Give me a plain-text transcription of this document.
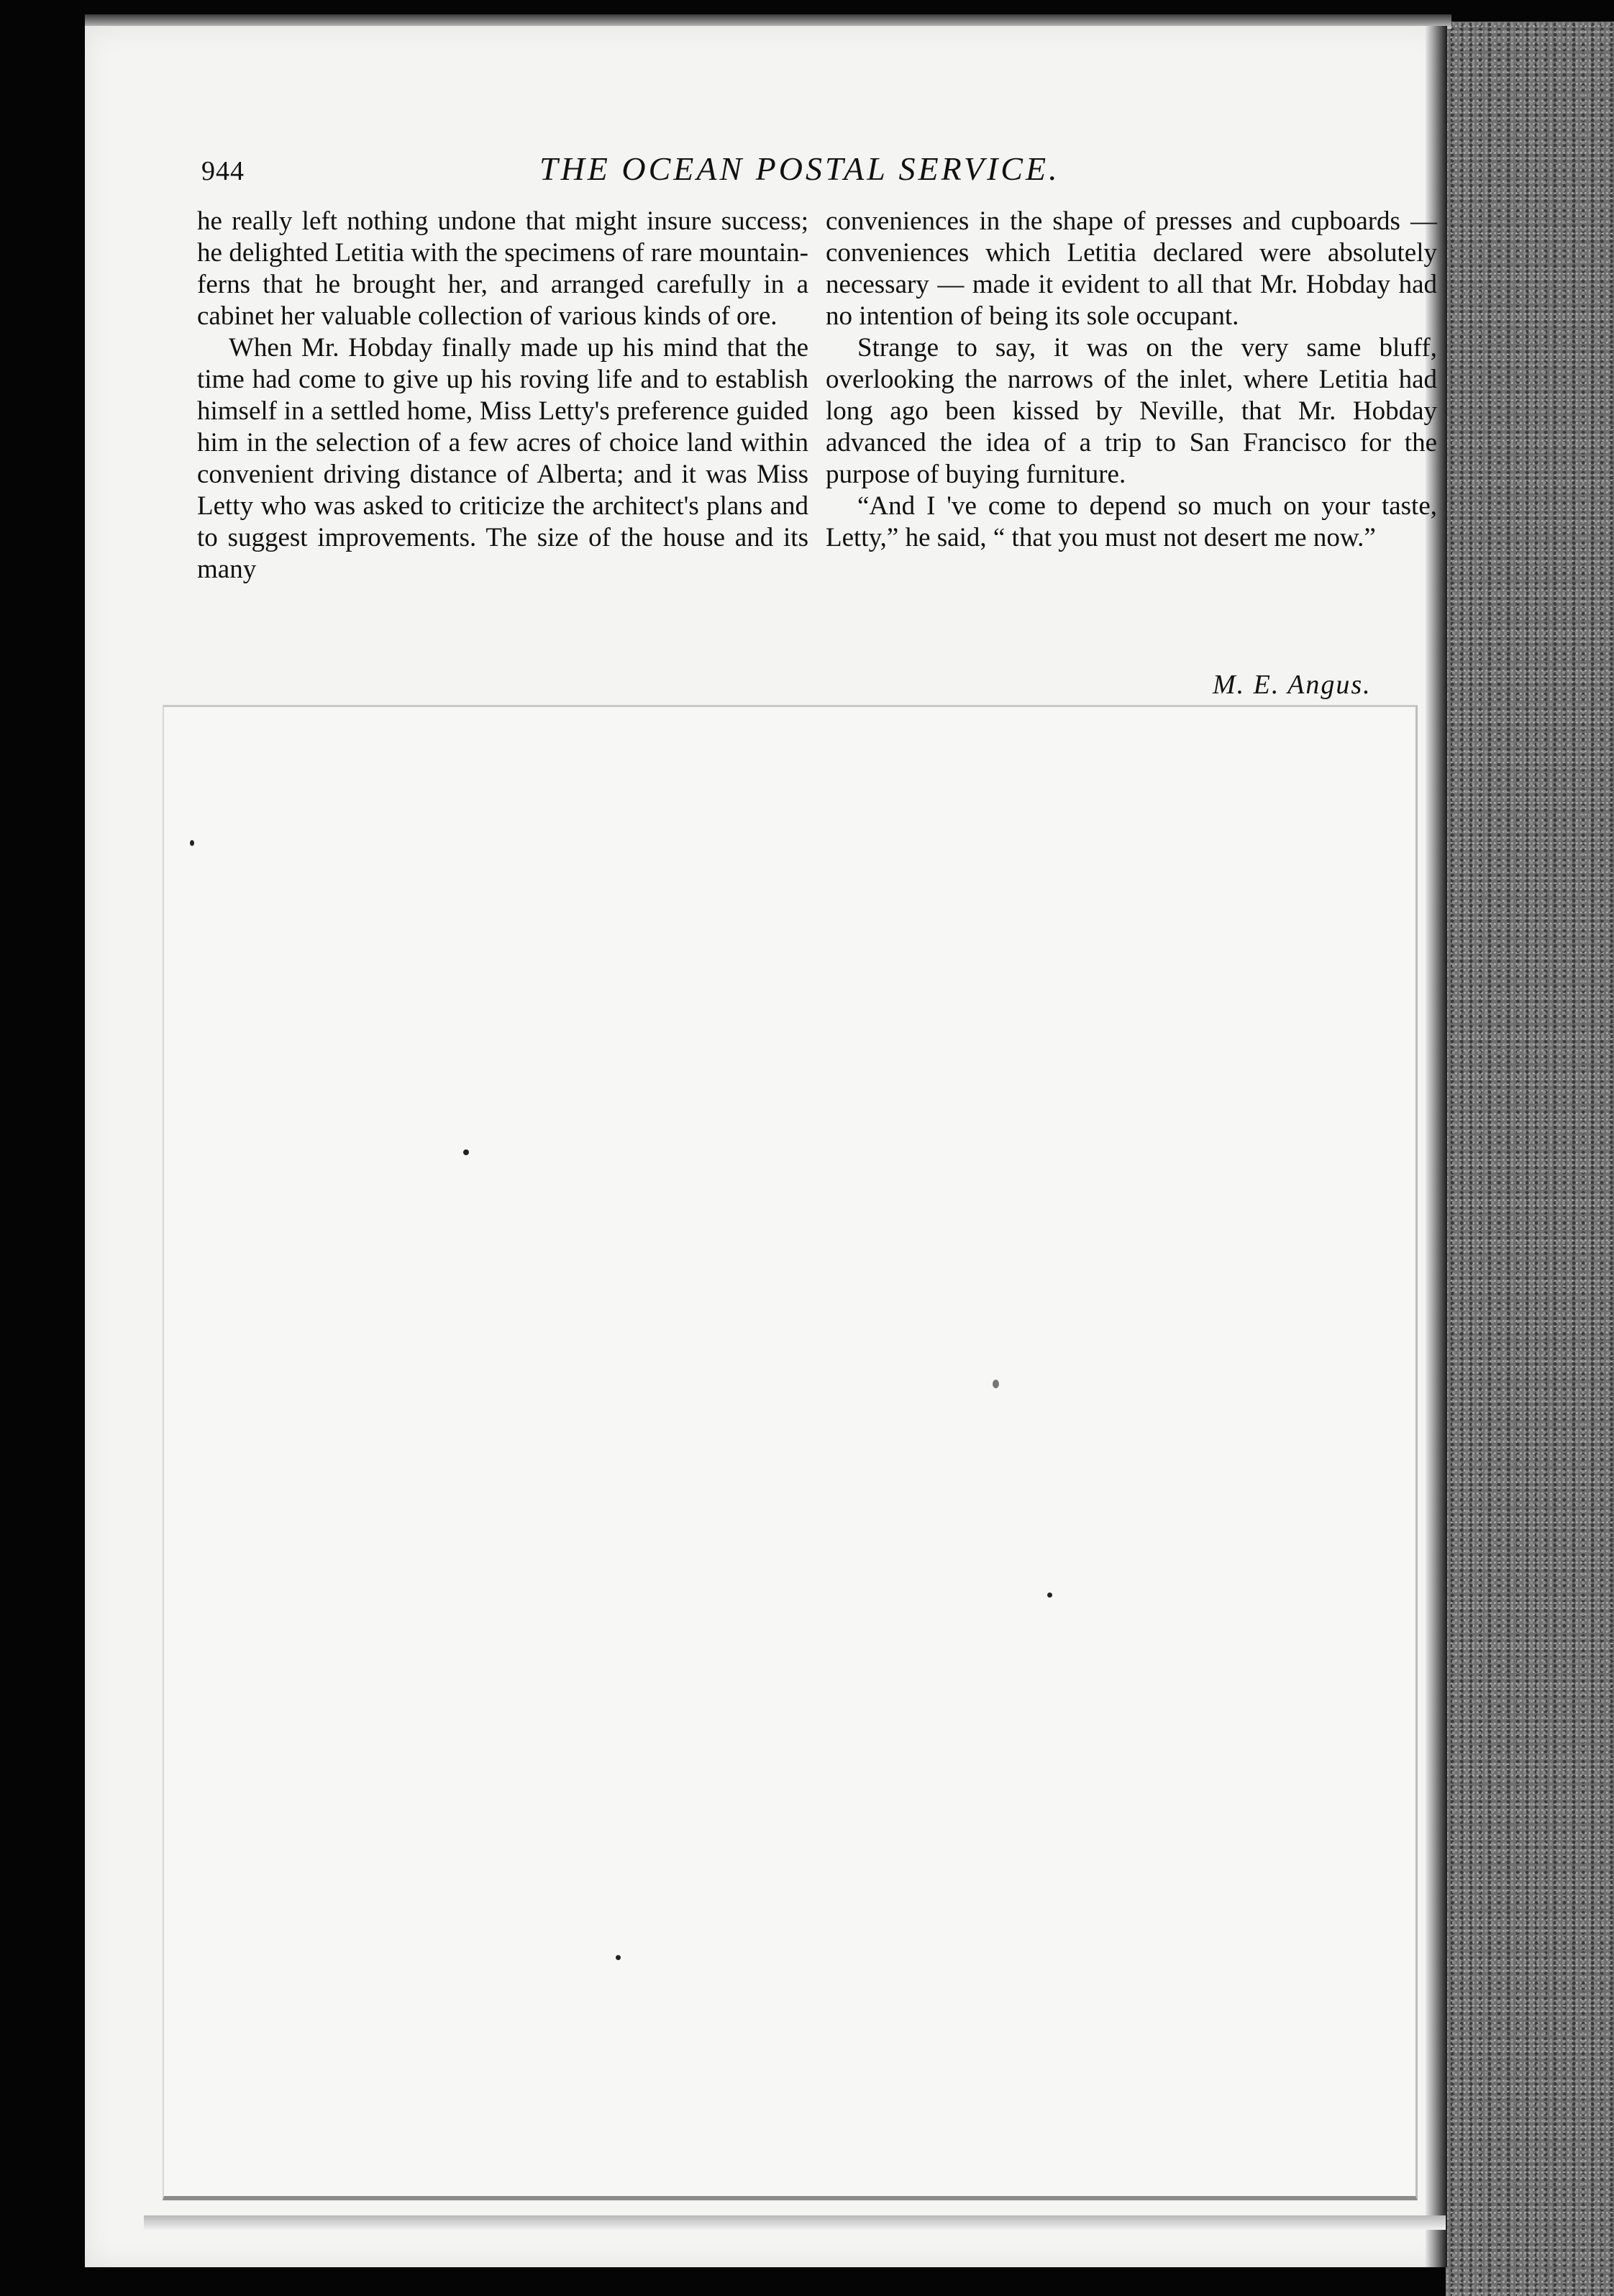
944	THE OCEAN POSTAL SERVICE.

he really left nothing undone that might insure success; he delighted Letitia with the specimens of rare mountain-ferns that he brought her, and arranged carefully in a cabinet her valuable collection of various kinds of ore.

When Mr. Hobday finally made up his mind that the time had come to give up his roving life and to establish himself in a settled home, Miss Letty's preference guided him in the selection of a few acres of choice land within convenient driving distance of Alberta; and it was Miss Letty who was asked to criticize the architect's plans and to suggest improvements. The size of the house and its many

conveniences in the shape of presses and cupboards — conveniences which Letitia declared were absolutely necessary — made it evident to all that Mr. Hobday had no intention of being its sole occupant.

Strange to say, it was on the very same bluff, overlooking the narrows of the inlet, where Letitia had long ago been kissed by Neville, that Mr. Hobday advanced the idea of a trip to San Francisco for the purpose of buying furniture.

“And I 've come to depend so much on your taste, Letty,” he said, “ that you must not desert me now.”

M. E. Angus.
